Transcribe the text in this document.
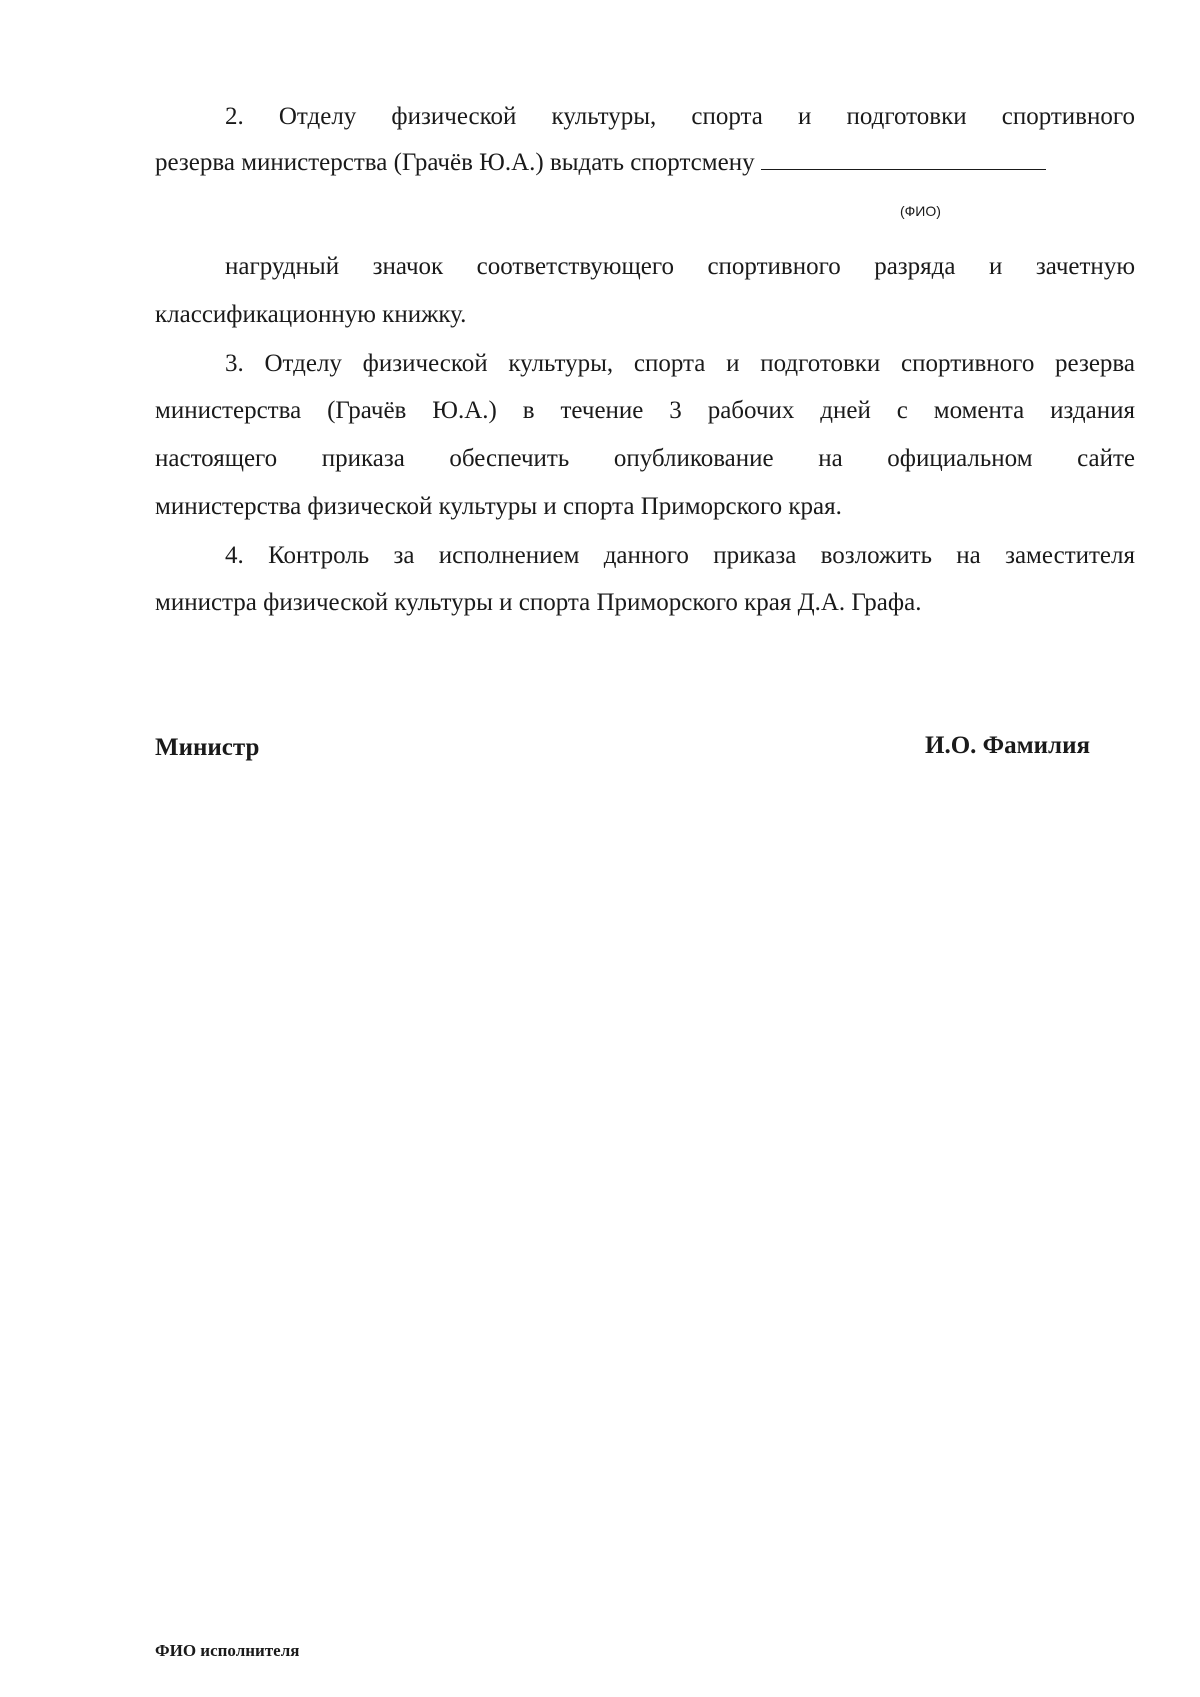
2. Отделу физической культуры, спорта и подготовки спортивного
резерва министерства (Грачёв Ю.А.) выдать спортсмену
(ФИО)
нагрудный значок соответствующего спортивного разряда и зачетную
классификационную книжку.
3. Отделу физической культуры, спорта и подготовки спортивного резерва
министерства (Грачёв Ю.А.) в течение 3 рабочих дней с момента издания
настоящего приказа обеспечить опубликование на официальном сайте
министерства физической культуры и спорта Приморского края.
4. Контроль за исполнением данного приказа возложить на заместителя
министра физической культуры и спорта Приморского края Д.А. Графа.
Министр	И.О. Фамилия
ФИО исполнителя
